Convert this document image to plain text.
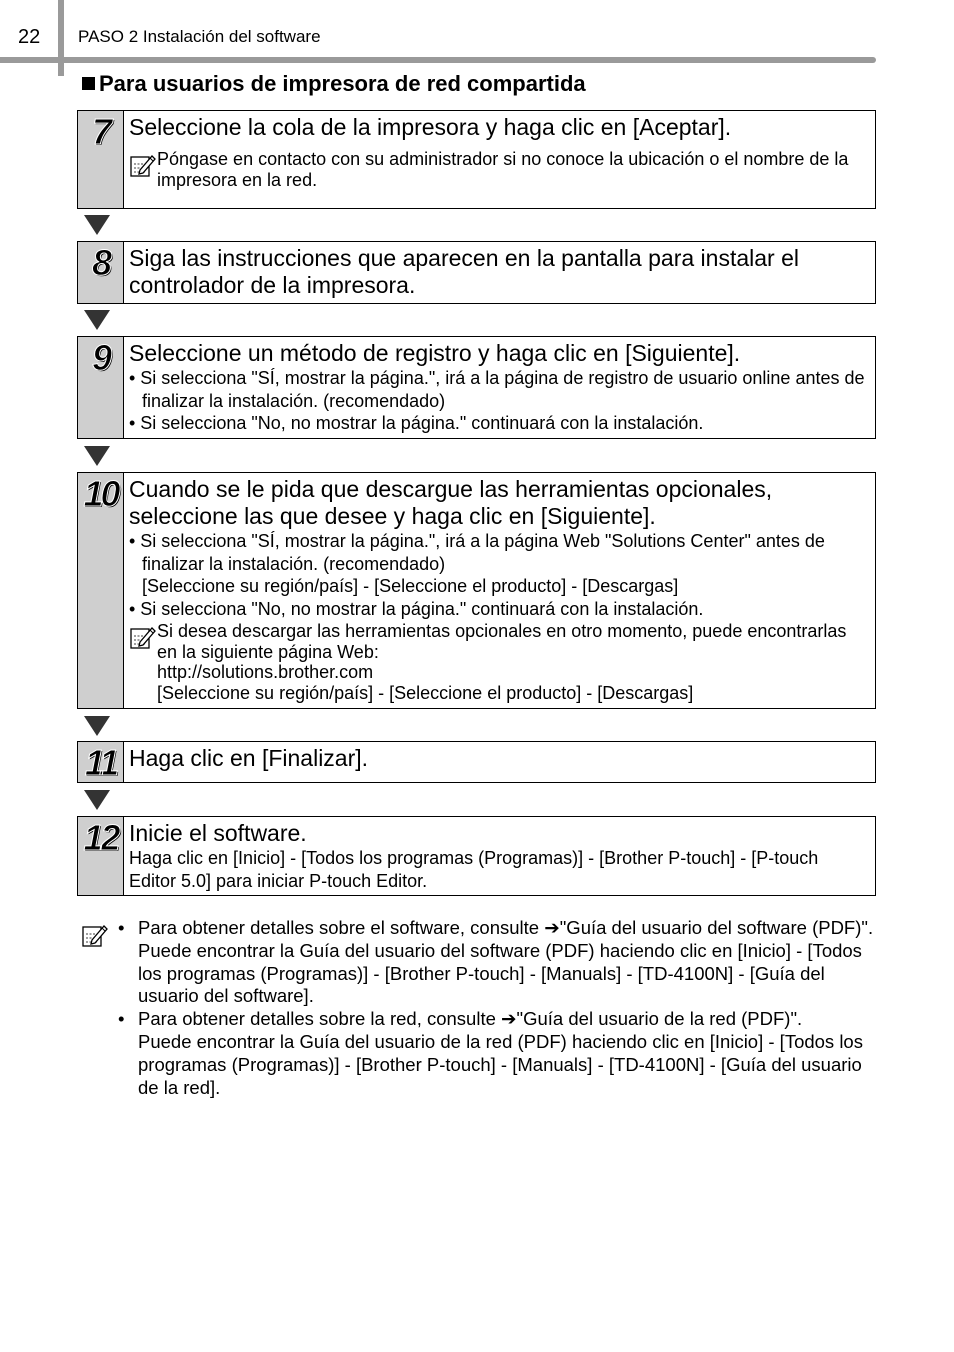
22 PASO 2 Instalación del software
Para usuarios de impresora de red compartida
7 Seleccione la cola de la impresora y haga clic en [Aceptar].
Póngase en contacto con su administrador si no conoce la ubicación o el nombre de la impresora en la red.
8 Siga las instrucciones que aparecen en la pantalla para instalar el controlador de la impresora.
9 Seleccione un método de registro y haga clic en [Siguiente].
• Si selecciona "SÍ, mostrar la página.", irá a la página de registro de usuario online antes de finalizar la instalación. (recomendado)
• Si selecciona "No, no mostrar la página." continuará con la instalación.
10 Cuando se le pida que descargue las herramientas opcionales, seleccione las que desee y haga clic en [Siguiente].
• Si selecciona "SÍ, mostrar la página.", irá a la página Web "Solutions Center" antes de finalizar la instalación. (recomendado)
[Seleccione su región/país] - [Seleccione el producto] - [Descargas]
• Si selecciona "No, no mostrar la página." continuará con la instalación.
Si desea descargar las herramientas opcionales en otro momento, puede encontrarlas en la siguiente página Web:
http://solutions.brother.com
[Seleccione su región/país] - [Seleccione el producto] - [Descargas]
11 Haga clic en [Finalizar].
12 Inicie el software.
Haga clic en [Inicio] - [Todos los programas (Programas)] - [Brother P-touch] - [P-touch Editor 5.0] para iniciar P-touch Editor.
• Para obtener detalles sobre el software, consulte ➔"Guía del usuario del software (PDF)".
Puede encontrar la Guía del usuario del software (PDF) haciendo clic en [Inicio] - [Todos los programas (Programas)] - [Brother P-touch] - [Manuals] - [TD-4100N] - [Guía del usuario del software].
• Para obtener detalles sobre la red, consulte ➔"Guía del usuario de la red (PDF)".
Puede encontrar la Guía del usuario de la red (PDF) haciendo clic en [Inicio] - [Todos los programas (Programas)] - [Brother P-touch] - [Manuals] - [TD-4100N] - [Guía del usuario de la red].
